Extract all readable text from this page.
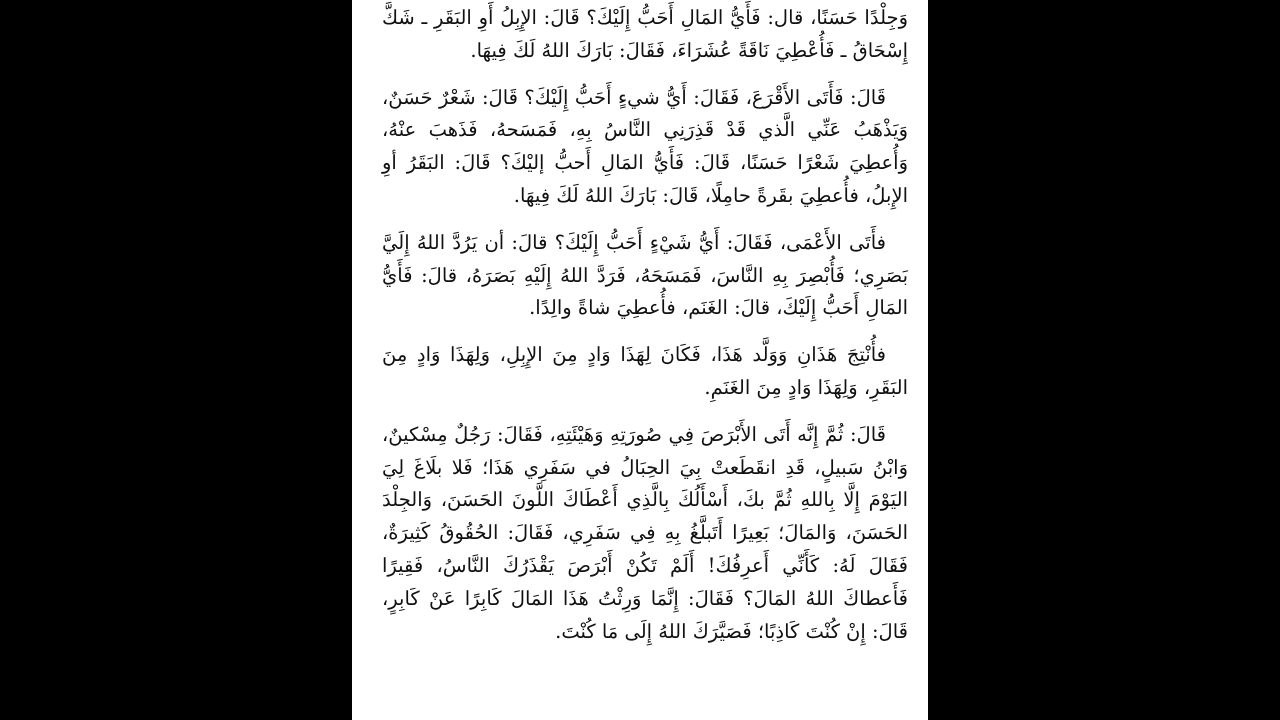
وَجِلْدًا حَسَنًا، قال: فَأَيُّ المَالِ أَحَبُّ إِلَيْكَ؟ قَالَ: الإِبِلُ أَوِ البَقَرِ ـ شَكَّ إِسْحَاقُ ـ فَأُعْطِيَ نَاقَةً عُشَرَاءَ، فَقَالَ: بَارَكَ اللهُ لَكَ فِيهَا.

قَالَ: فَأَتَى الأَقْرَعَ، فَقَالَ: أَيُّ شيءٍ أَحَبُّ إِلَيْكَ؟ قَالَ: شَعْرٌ حَسَنٌ، وَيَذْهَبُ عَنِّي الَّذي قَدْ قَذِرَنِي النَّاسُ بِهِ، فَمَسَحهُ، فَذَهبَ عنْهُ، وَأُعطِيَ شَعْرًا حَسَنًا، قَالَ: فَأَيُّ المَالِ أَحبُّ إليْكَ؟ قَالَ: البَقَرُ أوِ الإِبلُ، فأُعطِيَ بقَرةً حامِلًا، قَالَ: بَارَكَ اللهُ لَكَ فِيهَا.

فأَتَى الأَعْمَى، فَقَالَ: أَيُّ شَيْءٍ أَحَبُّ إِلَيْكَ؟ قالَ: أن يَرُدَّ اللهُ إِلَيَّ بَصَرِي؛ فَأُبْصِرَ بِهِ النَّاسَ، فَمَسَحَهُ، فَرَدَّ اللهُ إِلَيْهِ بَصَرَهُ، قالَ: فَأَيُّ المَالِ أَحَبُّ إِلَيْكَ، قالَ: الغَنَم، فأُعطِيَ شاةً والِدًا.

فأُنْتِجَ هَذَانِ وَوَلَّد هَذَا، فَكَانَ لِهَذَا وَادٍ مِنَ الإِبِلِ، وَلِهَذَا وَادٍ مِنَ البَقَرِ، وَلِهَذَا وَادٍ مِنَ الغَنَمِ.

قَالَ: ثُمَّ إِنَّه أَتَى الأَبْرَصَ فِي صُورَتِهِ وَهَيْئَتِهِ، فَقَالَ: رَجُلٌ مِسْكينٌ، وَابْنُ سَبيلٍ، قَدِ انقَطَعتْ بِيَ الحِبَالُ في سَفَرِي هَذَا؛ فَلا بلَاغَ لِيَ اليَوْمَ إِلَّا بِاللهِ ثُمَّ بكَ، أَسْأَلُكَ بِالَّذِي أَعْطَاكَ اللَّونَ الحَسَنَ، وَالجِلْدَ الحَسَنَ، وَالمَالَ؛ بَعِيرًا أَتَبلَّغُ بِهِ فِي سَفَرِي، فَقَالَ: الحُقُوقُ كَثِيرَةٌ، فَقَالَ لَهُ: كَأَنِّي أَعرِفُكَ! أَلَمْ تَكُنْ أَبْرَصَ يَقْذَرُكَ النَّاسُ، فَقِيرًا فَأَعطاكَ اللهُ المَالَ؟ فَقَالَ: إِنَّمَا وَرِثْتُ هَذَا المَالَ كَابِرًا عَنْ كَابِرٍ، قَالَ: إِنْ كُنْتَ كَاذِبًا؛ فَصَيَّرَكَ اللهُ إِلَى مَا كُنْتَ.
